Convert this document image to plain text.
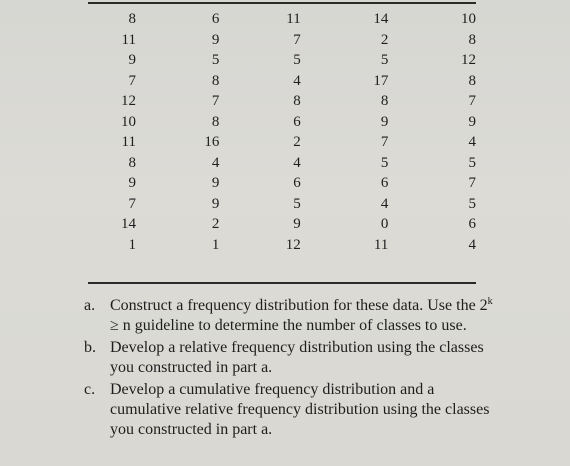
8	6	11	14	10
11	9	7	2	8
9	5	5	5	12
7	8	4	17	8
12	7	8	8	7
10	8	6	9	9
11	16	2	7	4
8	4	4	5	5
9	9	6	6	7
7	9	5	4	5
14	2	9	0	6
1	1	12	11	4
a. Construct a frequency distribution for these data. Use the $2^k \ge n$ guideline to determine the number of classes to use.
b. Develop a relative frequency distribution using the classes you constructed in part a.
c. Develop a cumulative frequency distribution and a cumulative relative frequency distribution using the classes you constructed in part a.
